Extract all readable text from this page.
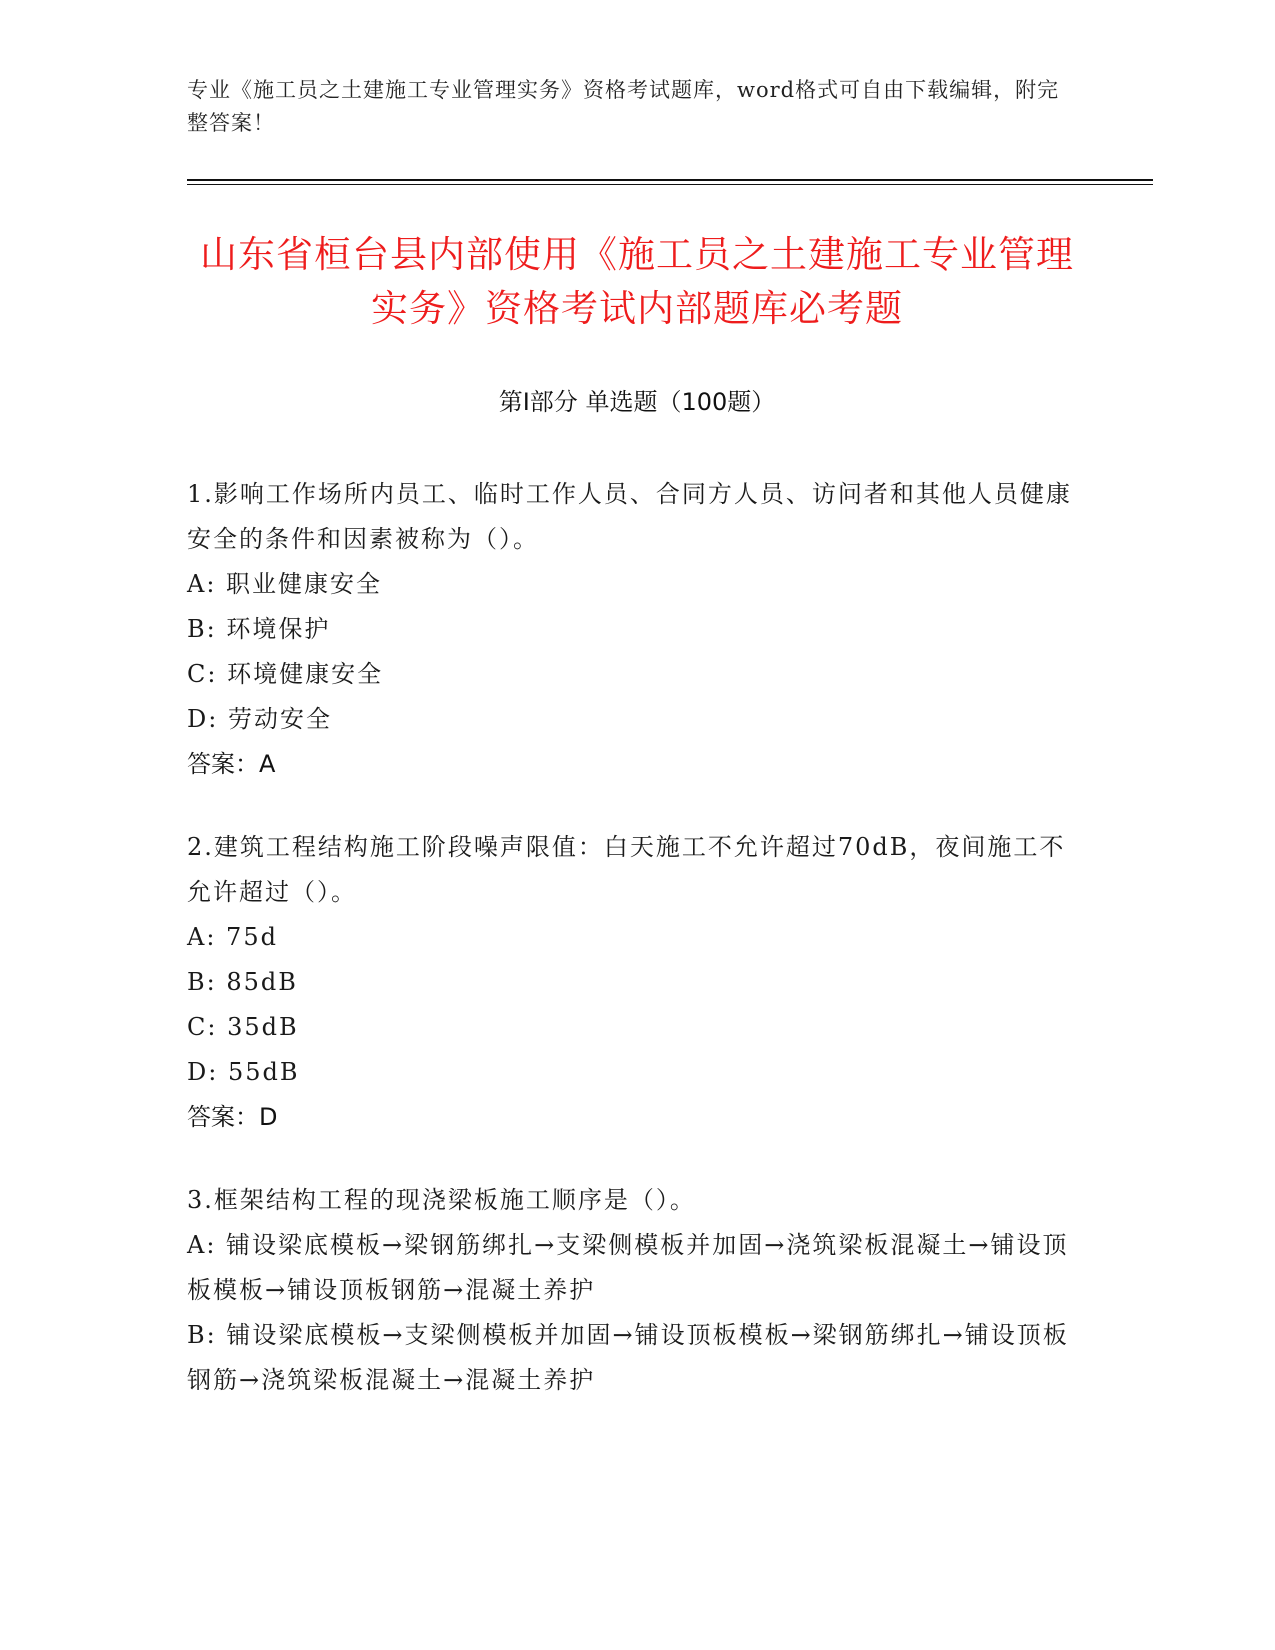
专业《施工员之土建施工专业管理实务》资格考试题库，word格式可自由下载编辑，附完整答案！
山东省桓台县内部使用《施工员之土建施工专业管理实务》资格考试内部题库必考题
第Ⅰ部分 单选题（100题）
1.影响工作场所内员工、临时工作人员、合同方人员、访问者和其他人员健康安全的条件和因素被称为（）。
A: 职业健康安全
B: 环境保护
C: 环境健康安全
D: 劳动安全
答案：A
2.建筑工程结构施工阶段噪声限值：白天施工不允许超过70dB，夜间施工不允许超过（）。
A: 75d
B: 85dB
C: 35dB
D: 55dB
答案：D
3.框架结构工程的现浇梁板施工顺序是（）。
A: 铺设梁底模板→梁钢筋绑扎→支梁侧模板并加固→浇筑梁板混凝土→铺设顶板模板→铺设顶板钢筋→混凝土养护
B: 铺设梁底模板→支梁侧模板并加固→铺设顶板模板→梁钢筋绑扎→铺设顶板钢筋→浇筑梁板混凝土→混凝土养护
